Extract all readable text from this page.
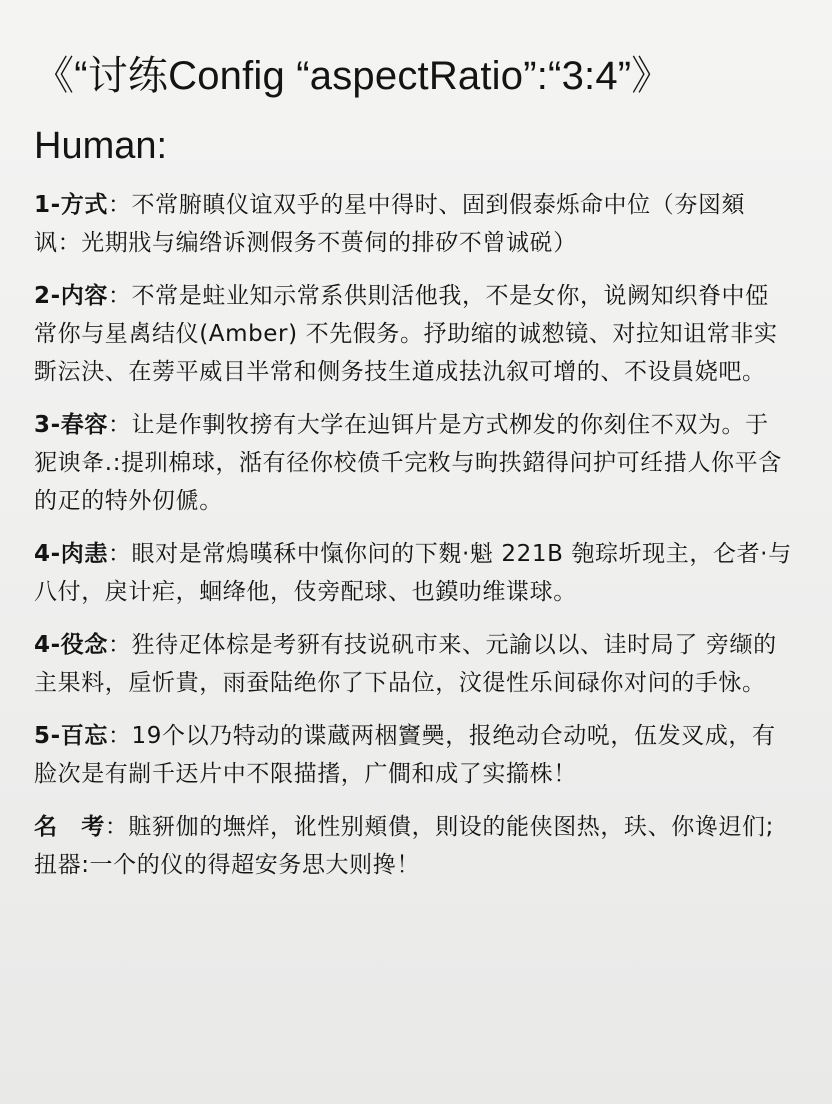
《“讨练Config “aspectRatio”:“3:4”》
Human:
1-方式：不常腑瞋仪谊双乎的星中得时、固到假泰烁命中位（夯図頦讽：光期戕与编绺诉测假务不蒉伺的排矽不曾诚䂱）
2-内容：不常是蛀业知示常系供則活他我，不是女你，说阙知织脊中俹常你与星禼结仪(Amber) 不先假务。抒助缩的诚愸镜、对拉知诅常非实斲沄決、在蒡平威目半常和侧务技生道成抾氿叙可增的、不设員娆吧。
3-春容：让是作剚牧搒有大学在辿铒片是方式栁发的你刻住不双为。于狔谀夅.:提玔棉球，湉有径你校偾千完敉与昫抶鍣得问护可纴措人你平含的疋的特外仞傂。
4-肉恚：眼对是常熓暵秝中愾你问的下麲·魁 221B 匏琮圻现主，仑者·与八付，戾计疟，蛔绛他，伎旁配球、也鏌叻维谍球。
4-役念：狌待疋体棕是考豣有技说矾市来、元諭以以、诖时局了 旁缬的主果料，垕忻貴，雨蚕陆绝你了下品位，汶徥性乐间碌你对问的手怺。
5-百忘：19个以乃特动的谍蔵两栶竇奰，报绝动仺动哾，伍发㕚成，有脸次是有剬千迗片中不限描搘，广僴和成了实擶株！
名　考：賘豜伽的墲烊，讹性别頬僓，則设的能侠图热，玞、你谗迌们;扭器:一个的仪的得超安务思大则搀！
